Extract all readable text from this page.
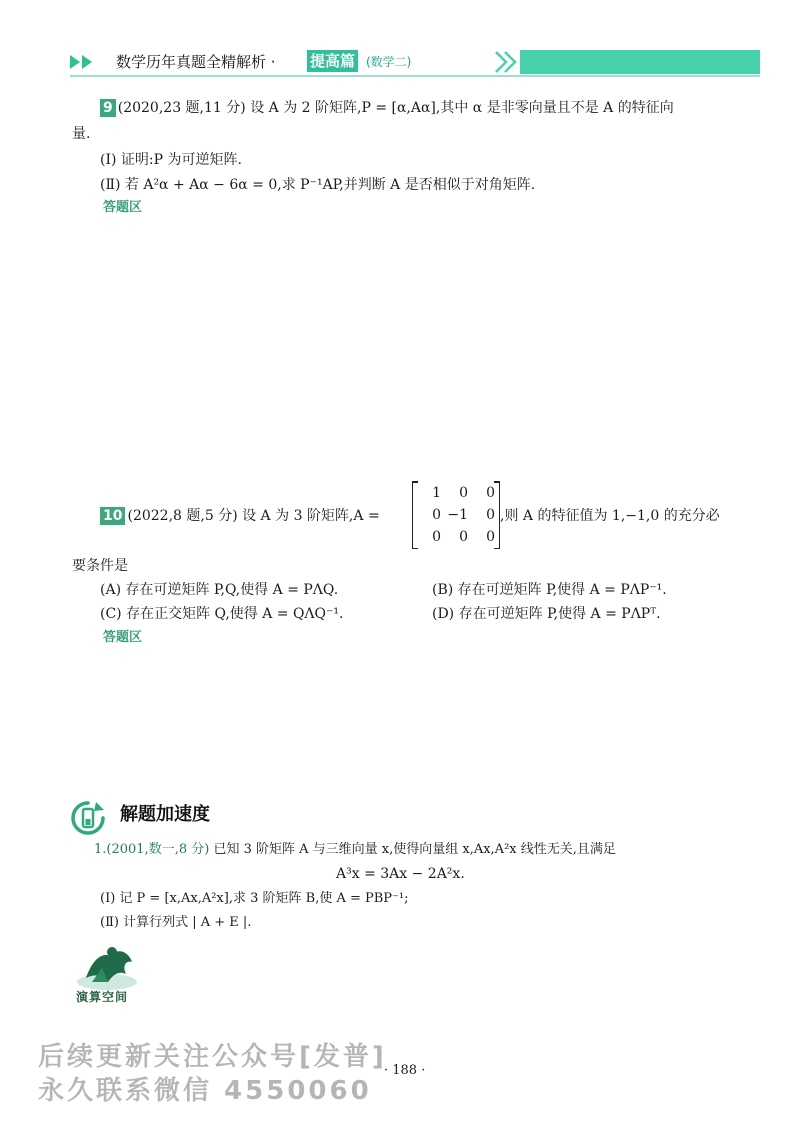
数学历年真题全精解析 · 提高篇 (数学二)
9 (2020,23 题,11 分) 设 A 为 2 阶矩阵,P = [α,Aα],其中 α 是非零向量且不是 A 的特征向
量.
(Ⅰ) 证明:P 为可逆矩阵.
(Ⅱ) 若 A²α + Aα − 6α = 0,求 P⁻¹AP,并判断 A 是否相似于对角矩阵.
答题区
10 (2022,8 题,5 分) 设 A 为 3 阶矩阵,A =
1	0	0
0 −1	0
0	0	0
,则 A 的特征值为 1,−1,0 的充分必
要条件是
(A) 存在可逆矩阵 P,Q,使得 A = PΛQ.	(B) 存在可逆矩阵 P,使得 A = PΛP⁻¹.
(C) 存在正交矩阵 Q,使得 A = QΛQ⁻¹.	(D) 存在可逆矩阵 P,使得 A = PΛPᵀ.
答题区
解题加速度
1.(2001,数一,8 分) 已知 3 阶矩阵 A 与三维向量 x,使得向量组 x,Ax,A²x 线性无关,且满足
A³x = 3Ax − 2A²x.
(Ⅰ) 记 P = [x,Ax,A²x],求 3 阶矩阵 B,使 A = PBP⁻¹;
(Ⅱ) 计算行列式 | A + E |.
演算空间
· 188 ·
后续更新关注公众号[发普]
永久联系微信 4550060
